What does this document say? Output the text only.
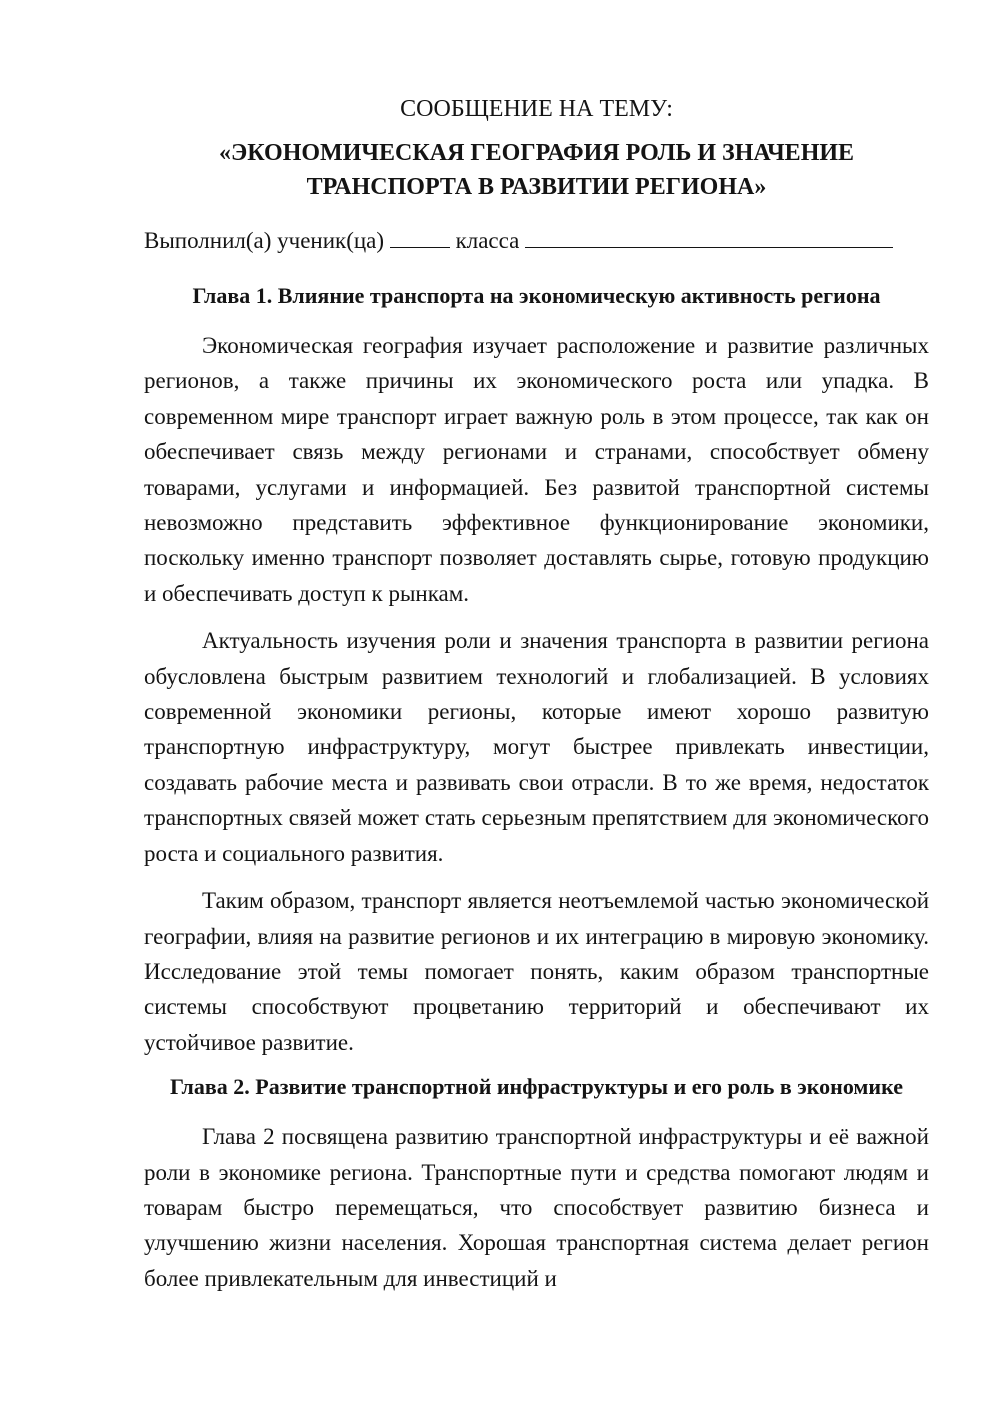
СООБЩЕНИЕ НА ТЕМУ:

«ЭКОНОМИЧЕСКАЯ ГЕОГРАФИЯ РОЛЬ И ЗНАЧЕНИЕ
ТРАНСПОРТА В РАЗВИТИИ РЕГИОНА»

Выполнил(а) ученик(ца)	класса

Глава 1. Влияние транспорта на экономическую активность региона

Экономическая география изучает расположение и развитие различных регионов, а также причины их экономического роста или упадка. В современном мире транспорт играет важную роль в этом процессе, так как он обеспечивает связь между регионами и странами, способствует обмену товарами, услугами и информацией. Без развитой транспортной системы невозможно представить эффективное функционирование экономики, поскольку именно транспорт позволяет доставлять сырье, готовую продукцию и обеспечивать доступ к рынкам.

Актуальность изучения роли и значения транспорта в развитии региона обусловлена быстрым развитием технологий и глобализацией. В условиях современной экономики регионы, которые имеют хорошо развитую транспортную инфраструктуру, могут быстрее привлекать инвестиции, создавать рабочие места и развивать свои отрасли. В то же время, недостаток транспортных связей может стать серьезным препятствием для экономического роста и социального развития.

Таким образом, транспорт является неотъемлемой частью экономической географии, влияя на развитие регионов и их интеграцию в мировую экономику. Исследование этой темы помогает понять, каким образом транспортные системы способствуют процветанию территорий и обеспечивают их устойчивое развитие.

Глава 2. Развитие транспортной инфраструктуры и его роль в экономике

Глава 2 посвящена развитию транспортной инфраструктуры и её важной роли в экономике региона. Транспортные пути и средства помогают людям и товарам быстро перемещаться, что способствует развитию бизнеса и улучшению жизни населения. Хорошая транспортная система делает регион более привлекательным для инвестиций и
